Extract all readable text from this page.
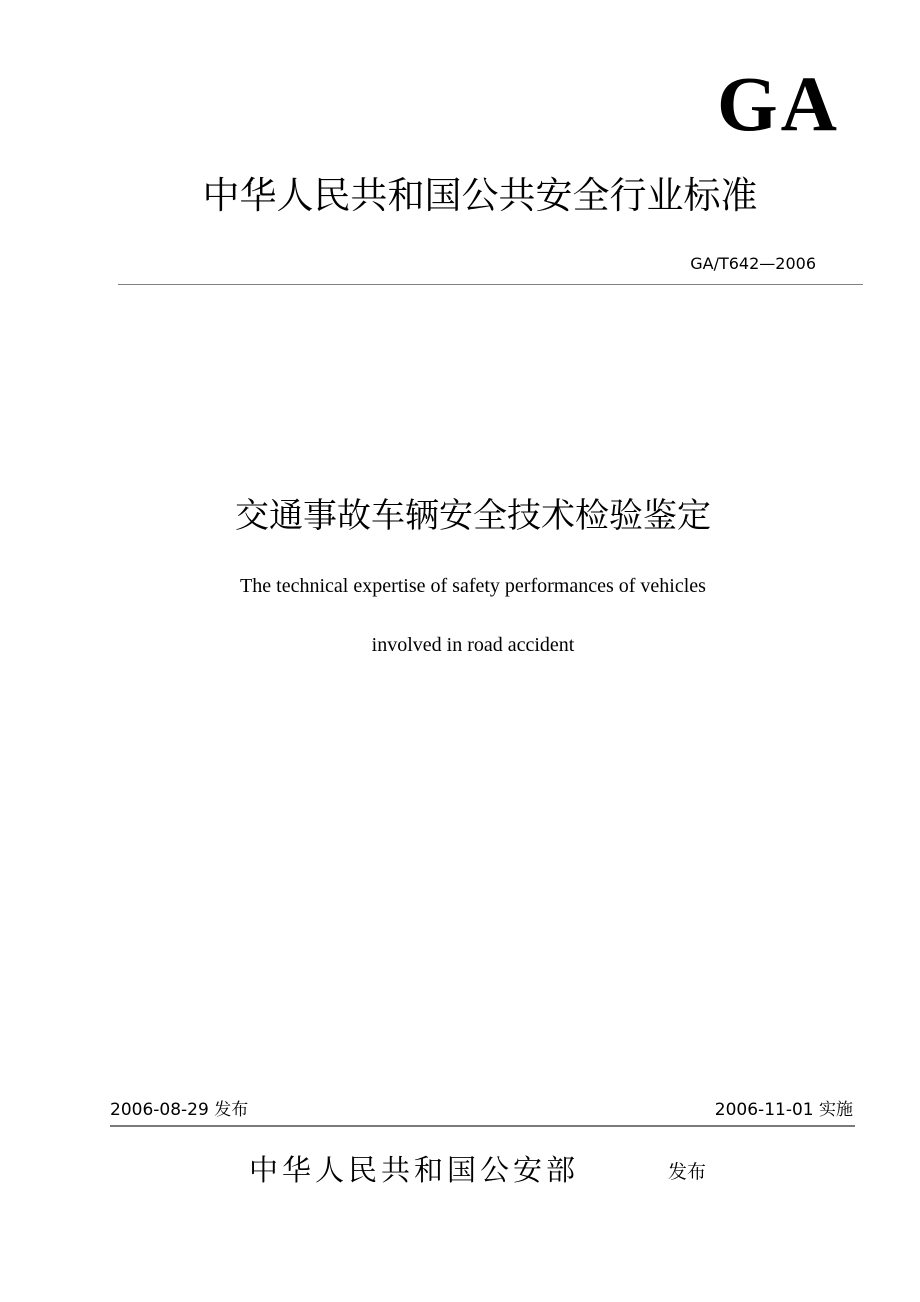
GA
中华人民共和国公共安全行业标准
GA/T642—2006
交通事故车辆安全技术检验鉴定
The technical expertise of safety performances of vehicles
involved in road accident
2006-08-29 发布	2006-11-01 实施
中华人民共和国公安部	发布
